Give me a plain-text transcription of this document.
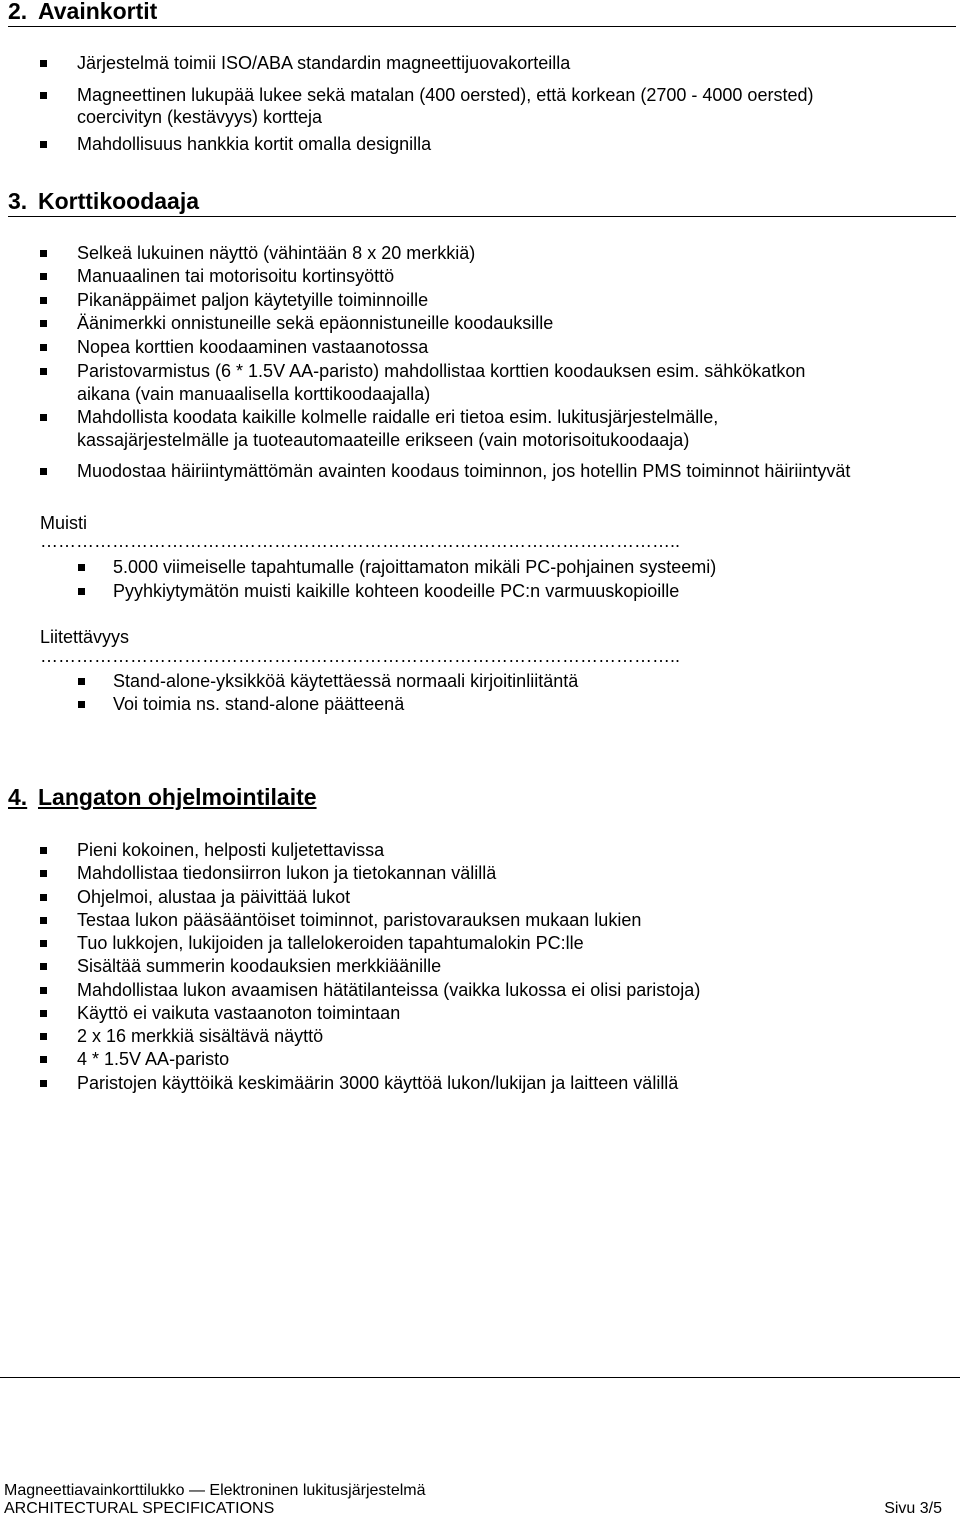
2. Avainkortit
Järjestelmä toimii ISO/ABA standardin magneettijuovakorteilla
Magneettinen lukupää lukee sekä matalan (400 oersted), että korkean (2700 - 4000 oersted)
coercivityn (kestävyys) kortteja
Mahdollisuus hankkia kortit omalla designilla
3. Korttikoodaaja
Selkeä lukuinen näyttö (vähintään 8 x 20 merkkiä)
Manuaalinen tai motorisoitu kortinsyöttö
Pikanäppäimet paljon käytetyille toiminnoille
Äänimerkki onnistuneille sekä epäonnistuneille koodauksille
Nopea korttien koodaaminen vastaanotossa
Paristovarmistus (6 * 1.5V AA-paristo) mahdollistaa korttien koodauksen esim. sähkökatkon
aikana (vain manuaalisella korttikoodaajalla)
Mahdollista koodata kaikille kolmelle raidalle eri tietoa esim. lukitusjärjestelmälle,
kassajärjestelmälle ja tuoteautomaateille erikseen (vain motorisoitukoodaaja)
Muodostaa häiriintymättömän avainten koodaus toiminnon, jos hotellin PMS toiminnot häiriintyvät
Muisti
……………………………………………………………………………………………..
5.000 viimeiselle tapahtumalle (rajoittamaton mikäli PC-pohjainen systeemi)
Pyyhkiytymätön muisti kaikille kohteen koodeille PC:n varmuuskopioille
Liitettävyys
……………………………………………………………………………………………..
Stand-alone-yksikköä käytettäessä normaali kirjoitinliitäntä
Voi toimia ns. stand-alone päätteenä
4. Langaton ohjelmointilaite
Pieni kokoinen, helposti kuljetettavissa
Mahdollistaa tiedonsiirron lukon ja tietokannan välillä
Ohjelmoi, alustaa ja päivittää lukot
Testaa lukon pääsääntöiset toiminnot, paristovarauksen mukaan lukien
Tuo lukkojen, lukijoiden ja tallelokeroiden tapahtumalokin PC:lle
Sisältää summerin koodauksien merkkiäänille
Mahdollistaa lukon avaamisen hätätilanteissa (vaikka lukossa ei olisi paristoja)
Käyttö ei vaikuta vastaanoton toimintaan
2 x 16 merkkiä sisältävä näyttö
4 * 1.5V AA-paristo
Paristojen käyttöikä keskimäärin 3000 käyttöä lukon/lukijan ja laitteen välillä
Magneettiavainkorttilukko — Elektroninen lukitusjärjestelmä
ARCHITECTURAL SPECIFICATIONS	Sivu 3/5
